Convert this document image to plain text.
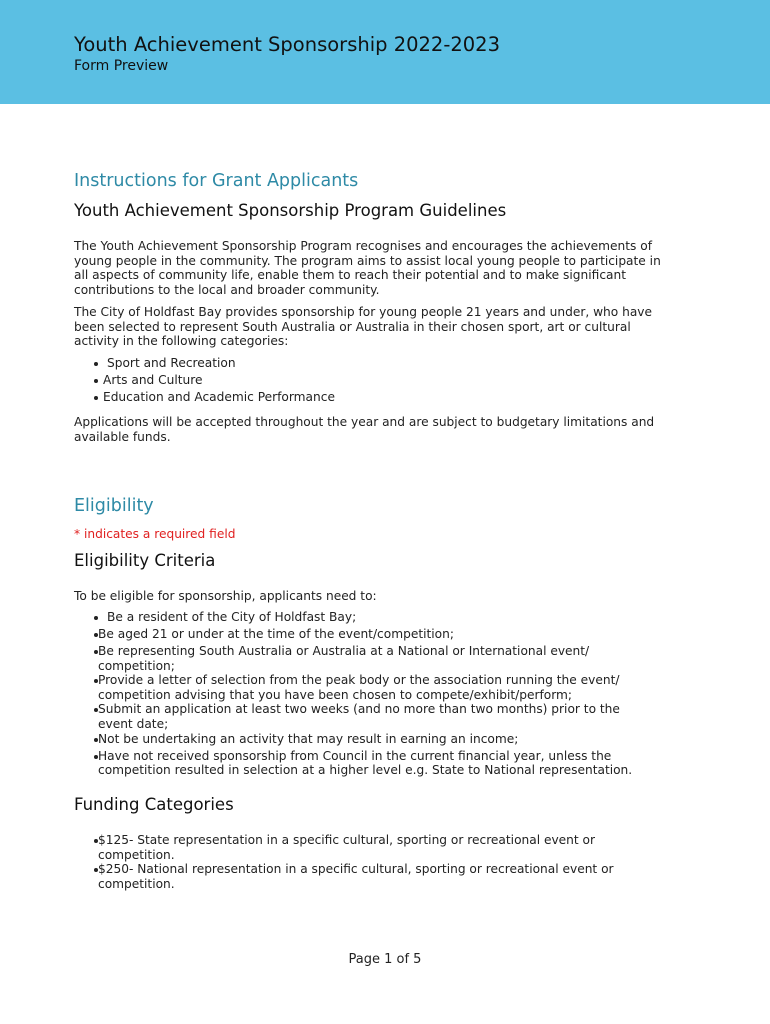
Youth Achievement Sponsorship 2022-2023
Form Preview
Instructions for Grant Applicants
Youth Achievement Sponsorship Program Guidelines

The Youth Achievement Sponsorship Program recognises and encourages the achievements of young people in the community. The program aims to assist local young people to participate in all aspects of community life, enable them to reach their potential and to make significant contributions to the local and broader community.

The City of Holdfast Bay provides sponsorship for young people 21 years and under, who have been selected to represent South Australia or Australia in their chosen sport, art or cultural activity in the following categories:

Sport and Recreation
Arts and Culture
Education and Academic Performance

Applications will be accepted throughout the year and are subject to budgetary limitations and available funds.

Eligibility
* indicates a required field
Eligibility Criteria

To be eligible for sponsorship, applicants need to:

Be a resident of the City of Holdfast Bay;
Be aged 21 or under at the time of the event/competition;
Be representing South Australia or Australia at a National or International event/ competition;
Provide a letter of selection from the peak body or the association running the event/ competition advising that you have been chosen to compete/exhibit/perform;
Submit an application at least two weeks (and no more than two months) prior to the event date;
Not be undertaking an activity that may result in earning an income;
Have not received sponsorship from Council in the current financial year, unless the competition resulted in selection at a higher level e.g. State to National representation.
Funding Categories
$125- State representation in a specific cultural, sporting or recreational event or competition.
$250- National representation in a specific cultural, sporting or recreational event or competition.
Page 1 of 5
